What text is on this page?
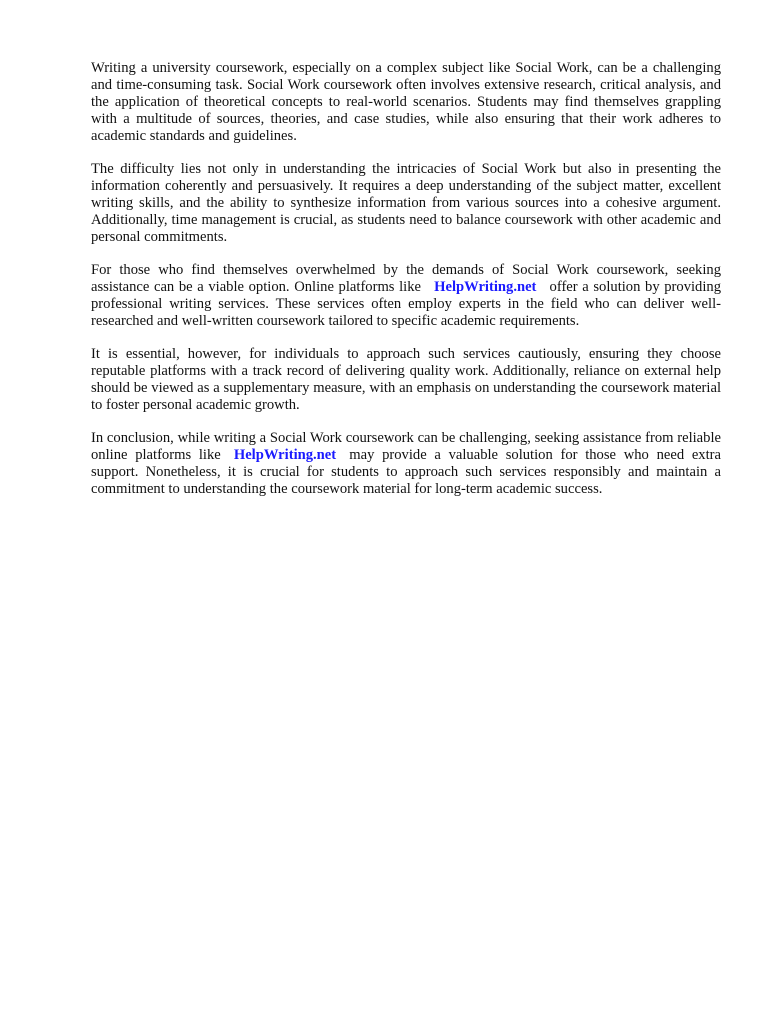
Writing a university coursework, especially on a complex subject like Social Work, can be a challenging and time-consuming task. Social Work coursework often involves extensive research, critical analysis, and the application of theoretical concepts to real-world scenarios. Students may find themselves grappling with a multitude of sources, theories, and case studies, while also ensuring that their work adheres to academic standards and guidelines.

The difficulty lies not only in understanding the intricacies of Social Work but also in presenting the information coherently and persuasively. It requires a deep understanding of the subject matter, excellent writing skills, and the ability to synthesize information from various sources into a cohesive argument. Additionally, time management is crucial, as students need to balance coursework with other academic and personal commitments.

For those who find themselves overwhelmed by the demands of Social Work coursework, seeking assistance can be a viable option. Online platforms like HelpWriting.net offer a solution by providing professional writing services. These services often employ experts in the field who can deliver well-researched and well-written coursework tailored to specific academic requirements.

It is essential, however, for individuals to approach such services cautiously, ensuring they choose reputable platforms with a track record of delivering quality work. Additionally, reliance on external help should be viewed as a supplementary measure, with an emphasis on understanding the coursework material to foster personal academic growth.

In conclusion, while writing a Social Work coursework can be challenging, seeking assistance from reliable online platforms like HelpWriting.net may provide a valuable solution for those who need extra support. Nonetheless, it is crucial for students to approach such services responsibly and maintain a commitment to understanding the coursework material for long-term academic success.
